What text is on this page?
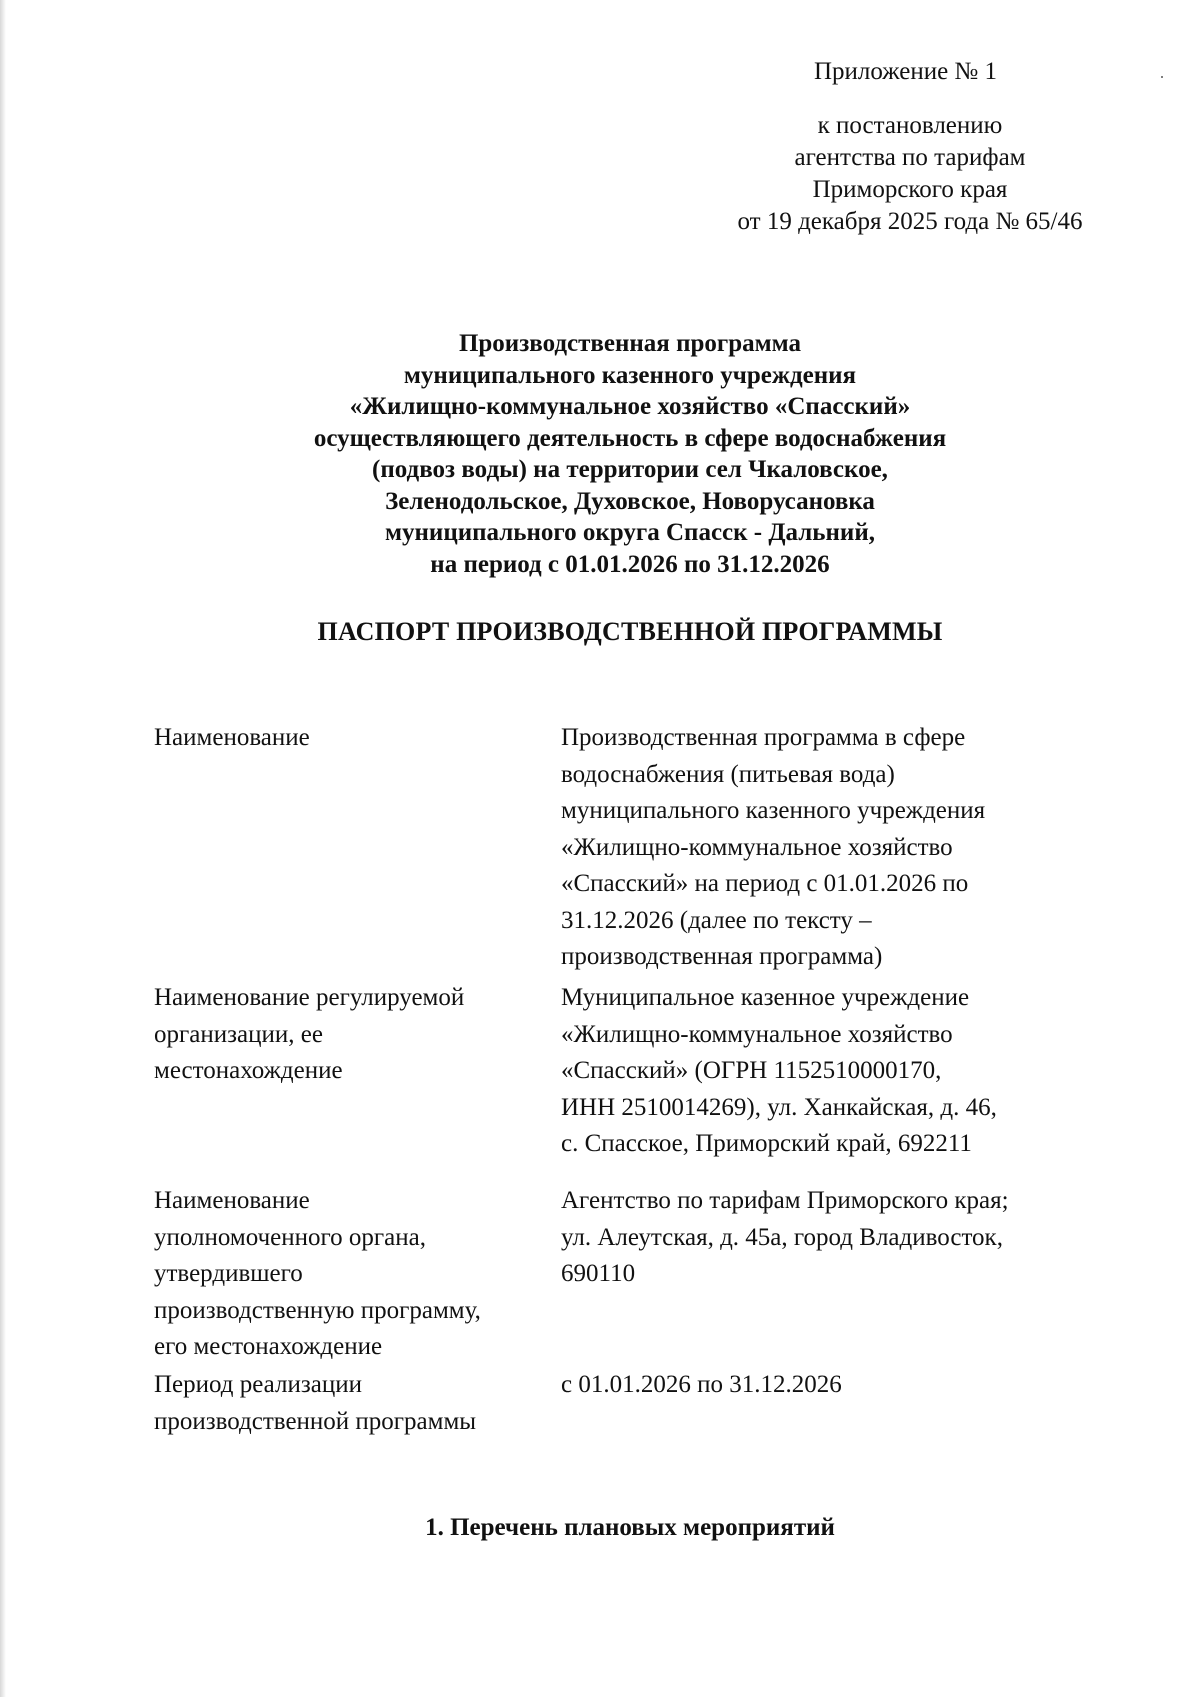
Приложение № 1
к постановлению
агентства по тарифам
Приморского края
от 19 декабря 2025 года № 65/46
Производственная программа
муниципального казенного учреждения
«Жилищно-коммунальное хозяйство «Спасский»
осуществляющего деятельность в сфере водоснабжения
(подвоз воды) на территории сел Чкаловское,
Зеленодольское, Духовское, Новорусановка
муниципального округа Спасск - Дальний,
на период с 01.01.2026 по 31.12.2026
ПАСПОРТ ПРОИЗВОДСТВЕННОЙ ПРОГРАММЫ
Наименование	Производственная программа в сфере
водоснабжения (питьевая вода)
муниципального казенного учреждения
«Жилищно-коммунальное хозяйство
«Спасский» на период с 01.01.2026 по
31.12.2026 (далее по тексту –
производственная программа)
Наименование регулируемой
организации, ее
местонахождение
Муниципальное казенное учреждение
«Жилищно-коммунальное хозяйство
«Спасский» (ОГРН 1152510000170,
ИНН 2510014269), ул. Ханкайская, д. 46,
с. Спасское, Приморский край, 692211
Наименование
уполномоченного органа,
утвердившего
производственную программу,
его местонахождение
Агентство по тарифам Приморского края;
ул. Алеутская, д. 45а, город Владивосток,
690110
Период реализации
производственной программы
с 01.01.2026 по 31.12.2026
1. Перечень плановых мероприятий
